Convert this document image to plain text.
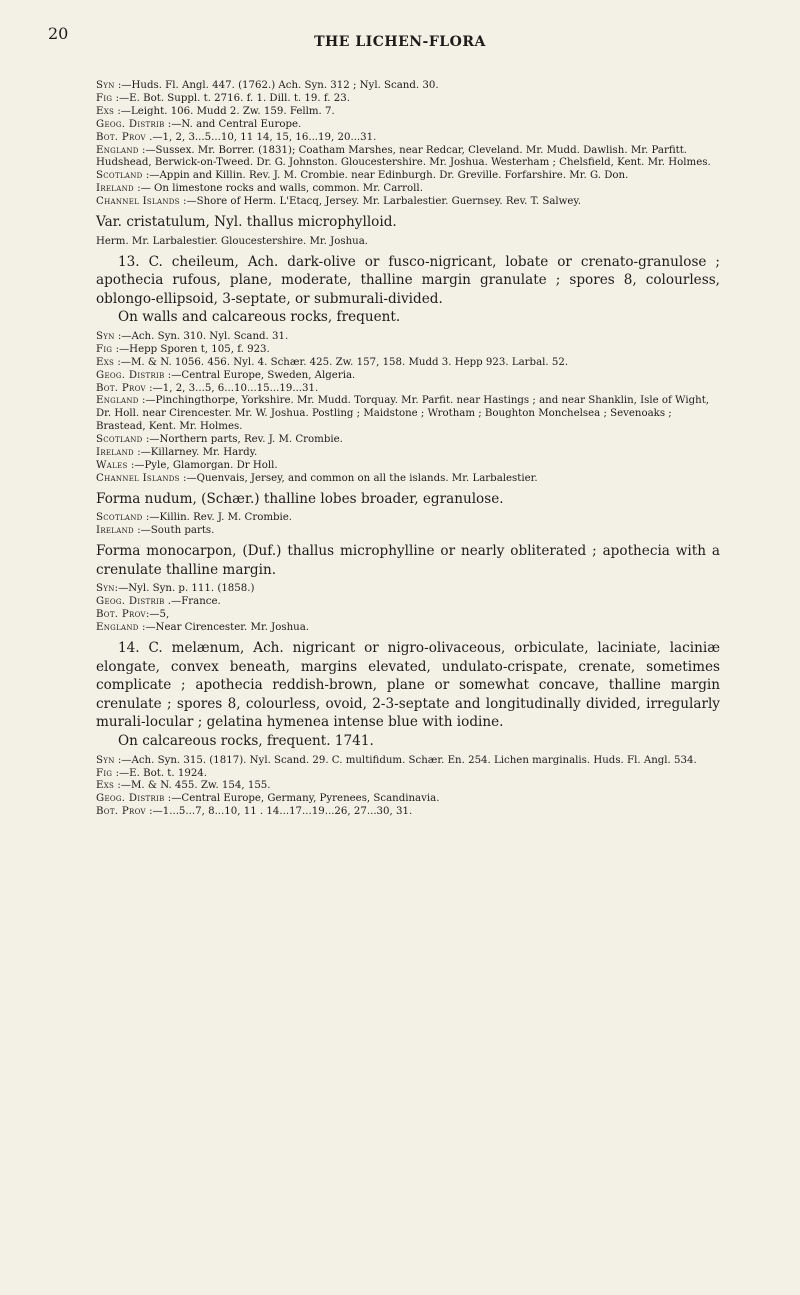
20	THE LICHEN-FLORA

Syn :—Huds. Fl. Angl. 447. (1762.) Ach. Syn. 312 ; Nyl. Scand. 30.

Fig :—E. Bot. Suppl. t. 2716. f. 1. Dill. t. 19. f. 23.

Exs :—Leight. 106. Mudd 2. Zw. 159. Fellm. 7.

Geog. Distrib :—N. and Central Europe.

Bot. Prov .—1, 2, 3...5...10, 11 14, 15, 16...19, 20...31.

England :—Sussex. Mr. Borrer. (1831); Coatham Marshes, near Redcar, Cleveland. Mr. Mudd. Dawlish. Mr. Parfitt. Hudshead, Berwick-on-Tweed. Dr. G. Johnston. Gloucestershire. Mr. Joshua. Westerham ; Chelsfield, Kent. Mr. Holmes.

Scotland :—Appin and Killin. Rev. J. M. Crombie. near Edinburgh. Dr. Greville. Forfarshire. Mr. G. Don.

Ireland :— On limestone rocks and walls, common. Mr. Carroll.

Channel Islands :—Shore of Herm. L'Etacq, Jersey. Mr. Larbalestier. Guernsey. Rev. T. Salwey.

Var. cristatulum, Nyl. thallus microphylloid.

Herm. Mr. Larbalestier. Gloucestershire. Mr. Joshua.

13. C. cheileum, Ach. dark-olive or fusco-nigricant, lobate or crenato-granulose ; apothecia rufous, plane, moderate, thalline margin granulate ; spores 8, colourless, oblongo-ellipsoid, 3-septate, or submurali-divided.

On walls and calcareous rocks, frequent.

Syn :—Ach. Syn. 310. Nyl. Scand. 31.

Fig :—Hepp Sporen t, 105, f. 923.

Exs :—M. & N. 1056. 456. Nyl. 4. Schær. 425. Zw. 157, 158. Mudd 3. Hepp 923. Larbal. 52.

Geog. Distrib :—Central Europe, Sweden, Algeria.

Bot. Prov :—1, 2, 3...5, 6...10...15...19...31.

England :—Pinchingthorpe, Yorkshire. Mr. Mudd. Torquay. Mr. Parfit. near Hastings ; and near Shanklin, Isle of Wight, Dr. Holl. near Cirencester. Mr. W. Joshua. Postling ; Maidstone ; Wrotham ; Boughton Monchelsea ; Sevenoaks ; Brastead, Kent. Mr. Holmes.

Scotland :—Northern parts, Rev. J. M. Crombie.

Ireland :—Killarney. Mr. Hardy.

Wales :—Pyle, Glamorgan. Dr Holl.

Channel Islands :—Quenvais, Jersey, and common on all the islands. Mr. Larbalestier.

Forma nudum, (Schær.) thalline lobes broader, egranulose.

Scotland :—Killin. Rev. J. M. Crombie.

Ireland :—South parts.

Forma monocarpon, (Duf.) thallus microphylline or nearly obliterated ; apothecia with a crenulate thalline margin.

Syn:—Nyl. Syn. p. 111. (1858.)

Geog. Distrib .—France.

Bot. Prov:—5,

England :—Near Cirencester. Mr. Joshua.

14. C. melænum, Ach. nigricant or nigro-olivaceous, orbiculate, laciniate, laciniæ elongate, convex beneath, margins elevated, undulato-crispate, crenate, sometimes complicate ; apothecia reddish-brown, plane or somewhat concave, thalline margin crenulate ; spores 8, colourless, ovoid, 2-3-septate and longitudinally divided, irregularly murali-locular ; gelatina hymenea intense blue with iodine.

On calcareous rocks, frequent. 1741.

Syn :—Ach. Syn. 315. (1817). Nyl. Scand. 29. C. multifidum. Schær. En. 254. Lichen marginalis. Huds. Fl. Angl. 534.

Fig :—E. Bot. t. 1924.

Exs :—M. & N. 455. Zw. 154, 155.

Geog. Distrib :—Central Europe, Germany, Pyrenees, Scandinavia.

Bot. Prov :—1...5...7, 8...10, 11 . 14...17...19...26, 27...30, 31.
